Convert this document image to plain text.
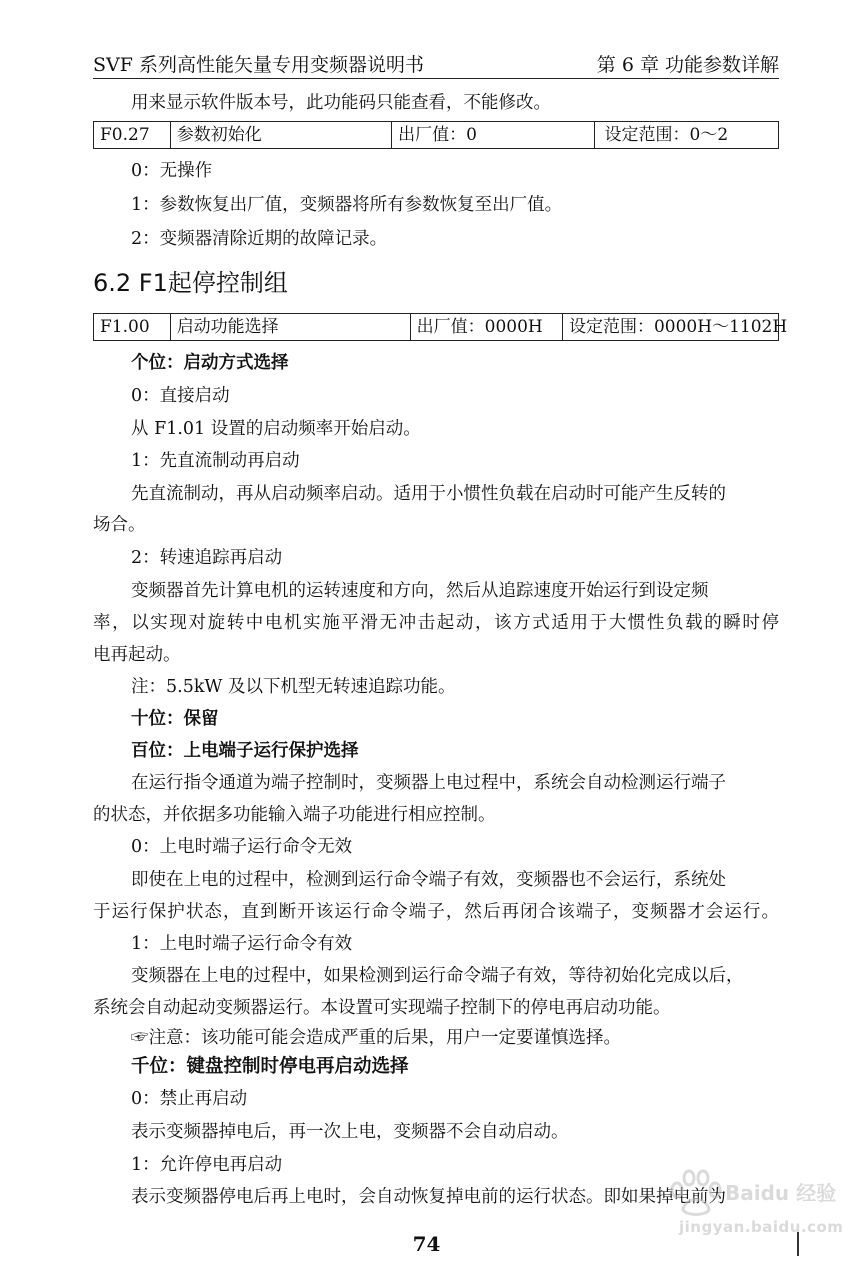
SVF 系列高性能矢量专用变频器说明书	第 6 章 功能参数详解
用来显示软件版本号，此功能码只能查看，不能修改。
F0.27	参数初始化	出厂值：0	设定范围：0～2
0：无操作
1：参数恢复出厂值，变频器将所有参数恢复至出厂值。
2：变频器清除近期的故障记录。
6.2 F1起停控制组
F1.00	启动功能选择	出厂值：0000H	设定范围：0000H～1102H
个位：启动方式选择
0：直接启动
从 F1.01 设置的启动频率开始启动。
1：先直流制动再启动
先直流制动，再从启动频率启动。适用于小惯性负载在启动时可能产生反转的
场合。
2：转速追踪再启动
变频器首先计算电机的运转速度和方向，然后从追踪速度开始运行到设定频
率，以实现对旋转中电机实施平滑无冲击起动，该方式适用于大惯性负载的瞬时停
电再起动。
注：5.5kW 及以下机型无转速追踪功能。
十位：保留
百位：上电端子运行保护选择
在运行指令通道为端子控制时，变频器上电过程中，系统会自动检测运行端子
的状态，并依据多功能输入端子功能进行相应控制。
0：上电时端子运行命令无效
即使在上电的过程中，检测到运行命令端子有效，变频器也不会运行，系统处
于运行保护状态，直到断开该运行命令端子，然后再闭合该端子，变频器才会运行。
1：上电时端子运行命令有效
变频器在上电的过程中，如果检测到运行命令端子有效，等待初始化完成以后，
系统会自动起动变频器运行。本设置可实现端子控制下的停电再启动功能。
☞注意：该功能可能会造成严重的后果，用户一定要谨慎选择。
千位：键盘控制时停电再启动选择
0：禁止再启动
表示变频器掉电后，再一次上电，变频器不会自动启动。
1：允许停电再启动
表示变频器停电后再上电时，会自动恢复掉电前的运行状态。即如果掉电前为
74
Baidu 经验
jingyan.baidu.com
